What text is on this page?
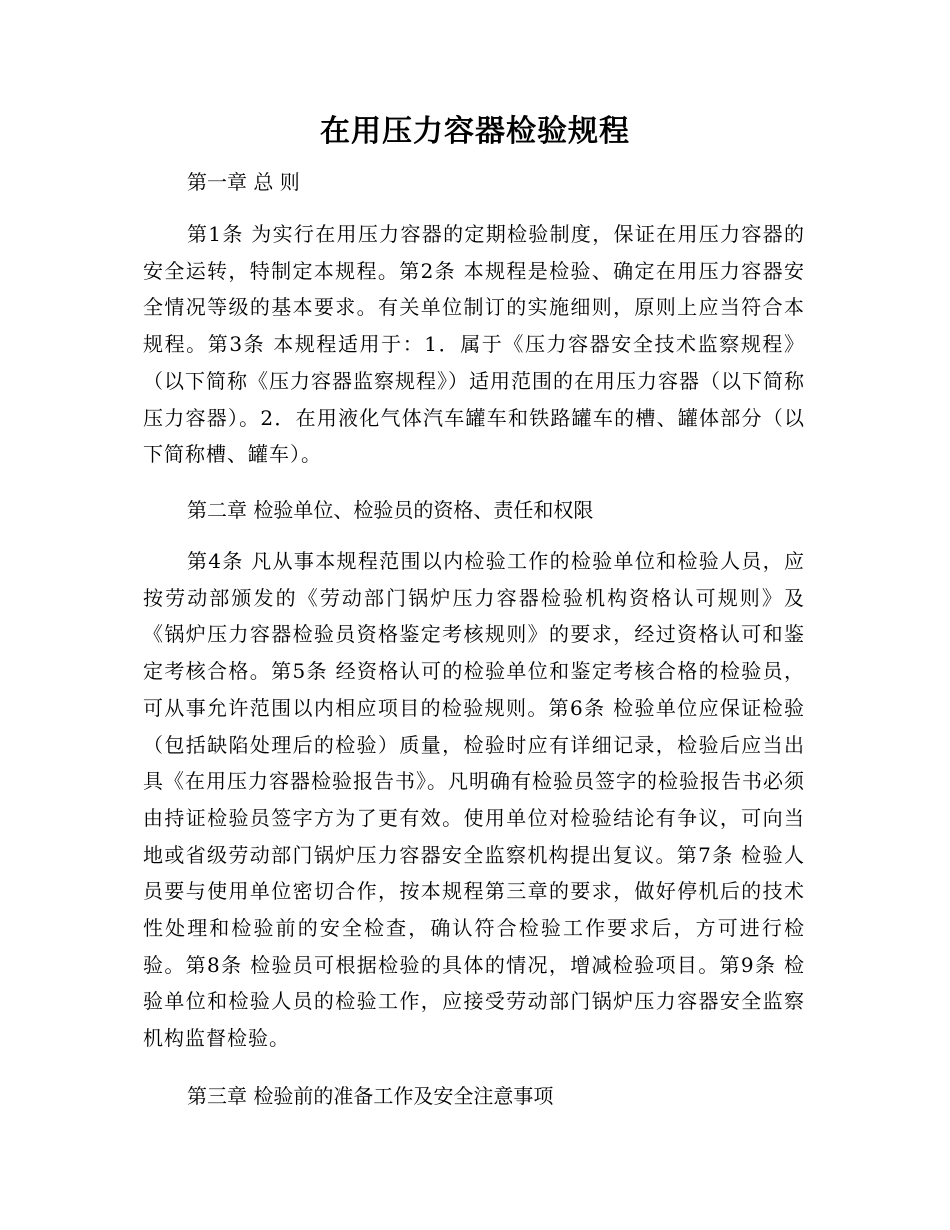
在用压力容器检验规程
第一章 总 则
第1条 为实行在用压力容器的定期检验制度，保证在用压力容器的安全运转，特制定本规程。第2条 本规程是检验、确定在用压力容器安全情况等级的基本要求。有关单位制订的实施细则，原则上应当符合本规程。第3条 本规程适用于：1．属于《压力容器安全技术监察规程》（以下简称《压力容器监察规程》）适用范围的在用压力容器（以下简称压力容器）。2．在用液化气体汽车罐车和铁路罐车的槽、罐体部分（以下简称槽、罐车）。
第二章 检验单位、检验员的资格、责任和权限
第4条 凡从事本规程范围以内检验工作的检验单位和检验人员，应按劳动部颁发的《劳动部门锅炉压力容器检验机构资格认可规则》及《锅炉压力容器检验员资格鉴定考核规则》的要求，经过资格认可和鉴定考核合格。第5条 经资格认可的检验单位和鉴定考核合格的检验员，可从事允许范围以内相应项目的检验规则。第6条 检验单位应保证检验（包括缺陷处理后的检验）质量，检验时应有详细记录，检验后应当出具《在用压力容器检验报告书》。凡明确有检验员签字的检验报告书必须由持证检验员签字方为了更有效。使用单位对检验结论有争议，可向当地或省级劳动部门锅炉压力容器安全监察机构提出复议。第7条 检验人员要与使用单位密切合作，按本规程第三章的要求，做好停机后的技术性处理和检验前的安全检查，确认符合检验工作要求后，方可进行检验。第8条 检验员可根据检验的具体的情况，增减检验项目。第9条 检验单位和检验人员的检验工作，应接受劳动部门锅炉压力容器安全监察机构监督检验。
第三章 检验前的准备工作及安全注意事项
